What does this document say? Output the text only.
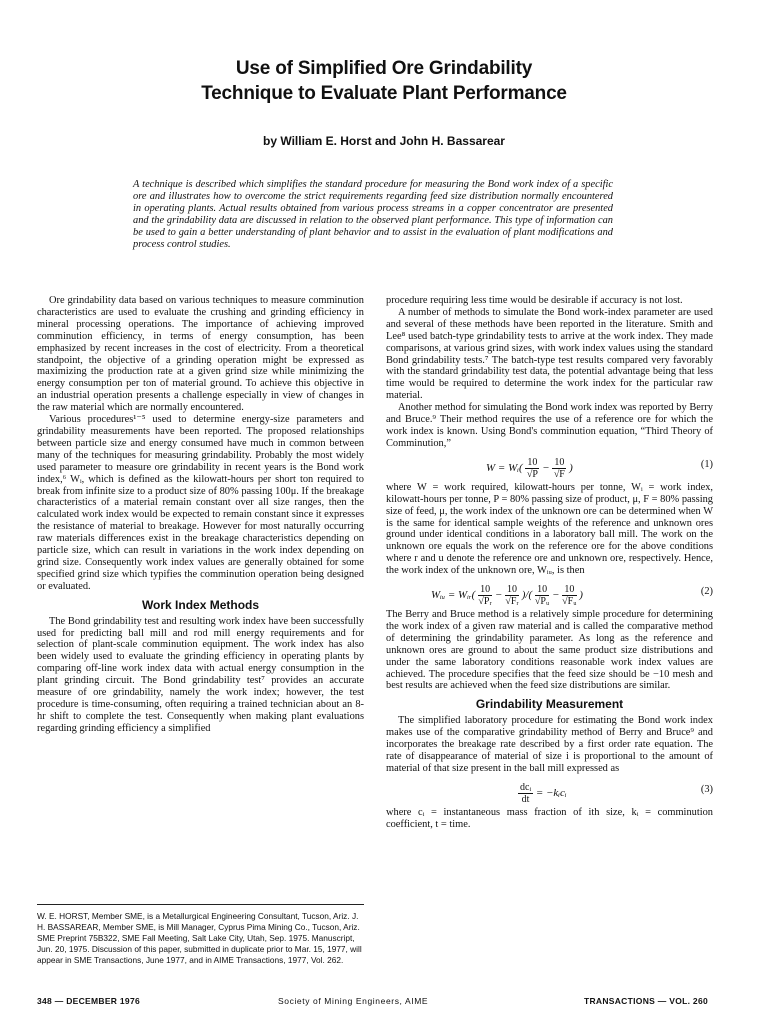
Use of Simplified Ore Grindability
Technique to Evaluate Plant Performance
by William E. Horst and John H. Bassarear
A technique is described which simplifies the standard procedure for measuring the Bond work index of a specific ore and illustrates how to overcome the strict requirements regarding feed size distribution normally encountered in operating plants. Actual results obtained from various process streams in a copper concentrator are presented and the grindability data are discussed in relation to the observed plant performance. This type of information can be used to gain a better understanding of plant behavior and to assist in the evaluation of plant modifications and process control studies.

Ore grindability data based on various techniques to measure comminution characteristics are used to evaluate the crushing and grinding efficiency in mineral processing operations. The importance of achieving improved comminution efficiency, in terms of energy consumption, has been emphasized by recent increases in the cost of electricity. From a theoretical standpoint, the objective of a grinding operation might be expressed as maximizing the production rate at a given grind size while minimizing the energy consumption per ton of material ground. To achieve this objective in an industrial operation presents a challenge especially in view of changes in the raw material which are normally encountered.

Various procedures¹⁻⁵ used to determine energy-size parameters and grindability measurements have been reported. The proposed relationships between particle size and energy consumed have much in common between many of the techniques for measuring grindability. Probably the most widely used parameter to measure ore grindability in recent years is the Bond work index,⁶ Wᵢ, which is defined as the kilowatt-hours per short ton required to break from infinite size to a product size of 80% passing 100μ. If the breakage characteristics of a material remain constant over all size ranges, then the calculated work index would be expected to remain constant since it expresses the resistance of material to breakage. However for most naturally occurring raw materials differences exist in the breakage characteristics depending on particle size, which can result in variations in the work index depending on grind size. Consequently work index values are generally obtained for some specified grind size which typifies the comminution operation being designed or evaluated.

Work Index Methods

The Bond grindability test and resulting work index have been successfully used for predicting ball mill and rod mill energy requirements and for selection of plant-scale comminution equipment. The work index has also been widely used to evaluate the grinding efficiency in operating plants by comparing off-line work index data with actual energy consumption in the plant grinding circuit. The Bond grindability test⁷ provides an accurate measure of ore grindability, namely the work index; however, the test procedure is time-consuming, often requiring a trained technician about an 8-hr shift to complete the test. Consequently when making plant evaluations regarding grinding efficiency a simplified

procedure requiring less time would be desirable if accuracy is not lost.

A number of methods to simulate the Bond work-index parameter are used and several of these methods have been reported in the literature. Smith and Lee⁸ used batch-type grindability tests to arrive at the work index. They made comparisons, at various grind sizes, with work index values using the standard Bond grindability tests.⁷ The batch-type test results compared very favorably with the standard grindability test data, the potential advantage being that less time would be required to determine the work index for the particular raw material.

Another method for simulating the Bond work index was reported by Berry and Bruce.⁹ Their method requires the use of a reference ore for which the work index is known. Using Bond's comminution equation, “Third Theory of Comminution,”

W = Wᵢ( $\frac{10}{√P} - \frac{10}{√F}$ )	(1)

where W = work required, kilowatt-hours per tonne, Wᵢ = work index, kilowatt-hours per tonne, P = 80% passing size of product, μ, F = 80% passing size of feed, μ, the work index of the unknown ore can be determined when W is the same for identical sample weights of the reference and unknown ores ground under identical conditions in a laboratory ball mill. The work on the unknown ore equals the work on the reference ore for the above conditions where r and u denote the reference ore and unknown ore, respectively. Hence, the work index of the unknown ore, Wᵢᵤ, is then

Wᵢᵤ = Wᵢᵣ( $\frac{10}{\text{√Pᵣ}} - \frac{10}{\text{√Fᵣ}}$ )/( $\frac{10}{\text{√Pᵤ}} - \frac{10}{\text{√Fᵤ}}$ )	(2)

The Berry and Bruce method is a relatively simple procedure for determining the work index of a given raw material and is called the comparative method of determining the grindability parameter. As long as the reference and unknown ores are ground to about the same product size distributions and under the same laboratory conditions reasonable work index values are achieved. The procedure specifies that the feed size should be −10 mesh and best results are achieved when the feed size distributions are similar.

Grindability Measurement

The simplified laboratory procedure for estimating the Bond work index makes use of the comparative grindability method of Berry and Bruce⁹ and incorporates the breakage rate described by a first order rate equation. The rate of disappearance of material of size i is proportional to the amount of material of that size present in the ball mill expressed as

$\frac{\text{dcᵢ}}{dt}$ = −kᵢcᵢ	(3)

where cᵢ = instantaneous mass fraction of ith size, kᵢ = comminution coefficient, t = time.

W. E. HORST, Member SME, is a Metallurgical Engineering Consultant, Tucson, Ariz. J. H. BASSAREAR, Member SME, is Mill Manager, Cyprus Pima Mining Co., Tucson, Ariz. SME Preprint 75B322, SME Fall Meeting, Salt Lake City, Utah, Sep. 1975. Manuscript, Jun. 20, 1975. Discussion of this paper, submitted in duplicate prior to Mar. 15, 1977, will appear in SME Transactions, June 1977, and in AIME Transactions, 1977, Vol. 262.
348 — DECEMBER 1976	Society of Mining Engineers, AIME	TRANSACTIONS — VOL. 260
